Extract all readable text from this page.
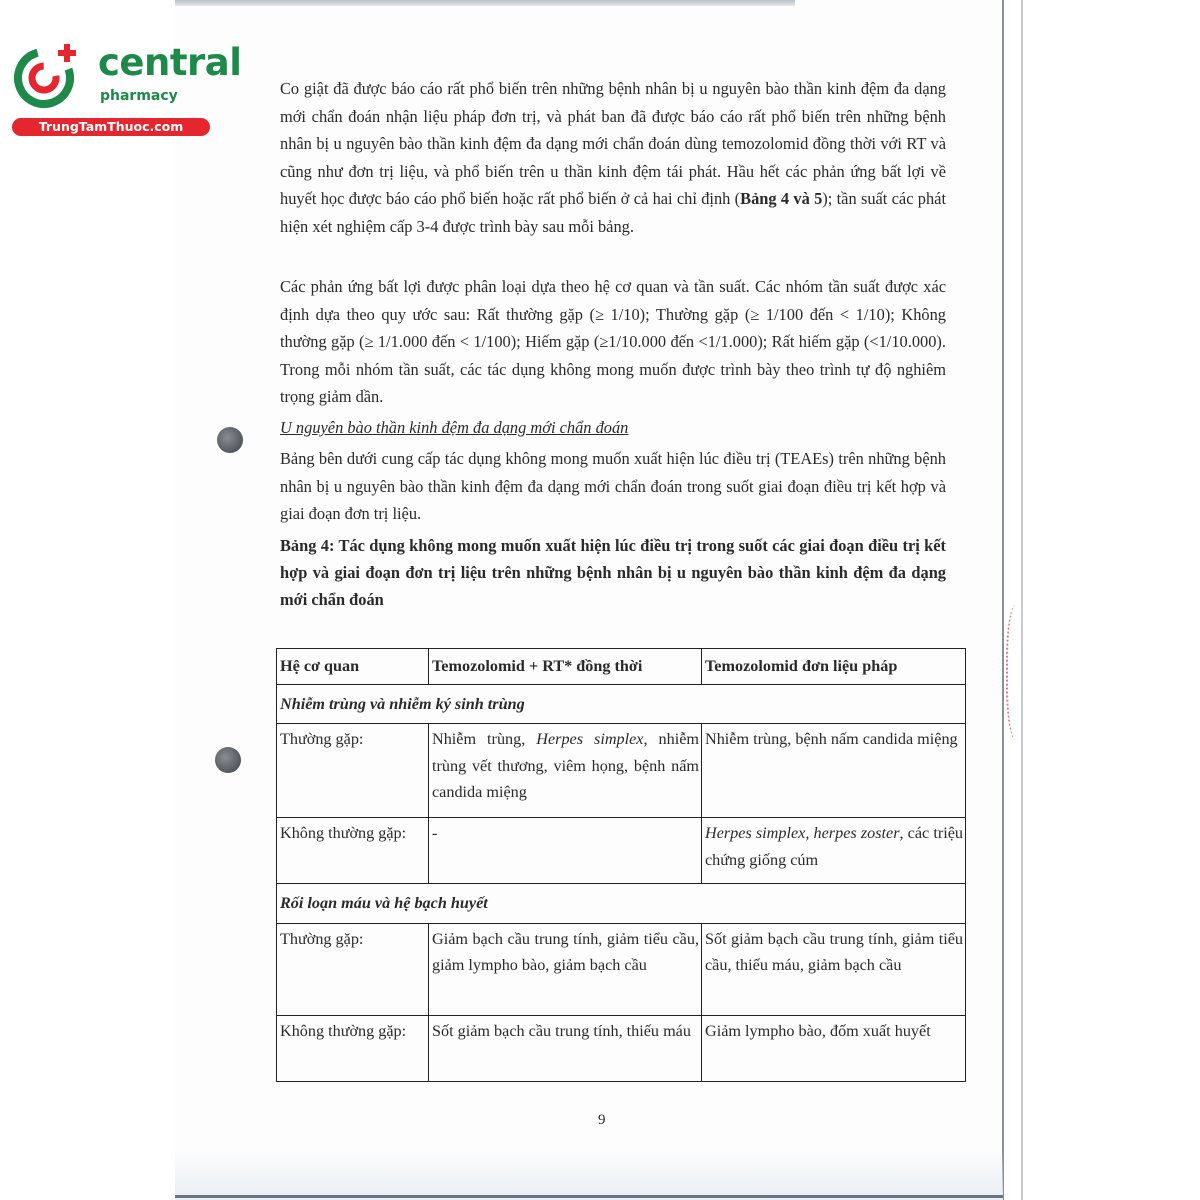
central
pharmacy
TrungTamThuoc.com

Co giật đã được báo cáo rất phổ biến trên những bệnh nhân bị u nguyên bào thần kinh đệm đa dạng mới chẩn đoán nhận liệu pháp đơn trị, và phát ban đã được báo cáo rất phổ biến trên những bệnh nhân bị u nguyên bào thần kinh đệm đa dạng mới chẩn đoán dùng temozolomid đồng thời với RT và cũng như đơn trị liệu, và phổ biến trên u thần kinh đệm tái phát. Hầu hết các phản ứng bất lợi về huyết học được báo cáo phổ biến hoặc rất phổ biến ở cả hai chỉ định (Bảng 4 và 5); tần suất các phát hiện xét nghiệm cấp 3-4 được trình bày sau mỗi bảng.

Các phản ứng bất lợi được phân loại dựa theo hệ cơ quan và tần suất. Các nhóm tần suất được xác định dựa theo quy ước sau: Rất thường gặp (≥ 1/10); Thường gặp (≥ 1/100 đến < 1/10); Không thường gặp (≥ 1/1.000 đến < 1/100); Hiếm gặp (≥1/10.000 đến <1/1.000); Rất hiếm gặp (<1/10.000). Trong mỗi nhóm tần suất, các tác dụng không mong muốn được trình bày theo trình tự độ nghiêm trọng giảm dần.

U nguyên bào thần kinh đệm đa dạng mới chẩn đoán

Bảng bên dưới cung cấp tác dụng không mong muốn xuất hiện lúc điều trị (TEAEs) trên những bệnh nhân bị u nguyên bào thần kinh đệm đa dạng mới chẩn đoán trong suốt giai đoạn điều trị kết hợp và giai đoạn đơn trị liệu.

Bảng 4: Tác dụng không mong muốn xuất hiện lúc điều trị trong suốt các giai đoạn điều trị kết hợp và giai đoạn đơn trị liệu trên những bệnh nhân bị u nguyên bào thần kinh đệm đa dạng mới chẩn đoán
Hệ cơ quan	Temozolomid + RT* đồng thời	Temozolomid đơn liệu pháp
Nhiễm trùng và nhiễm ký sinh trùng		
Thường gặp:	Nhiễm trùng, Herpes simplex, nhiễm trùng vết thương, viêm họng, bệnh nấm candida miệng	Nhiễm trùng, bệnh nấm candida miệng
Không thường gặp:	-	Herpes simplex, herpes zoster, các triệu chứng giống cúm
Rối loạn máu và hệ bạch huyết		
Thường gặp:	Giảm bạch cầu trung tính, giảm tiểu cầu, giảm lympho bào, giảm bạch cầu	Sốt giảm bạch cầu trung tính, giảm tiểu cầu, thiếu máu, giảm bạch cầu
Không thường gặp:	Sốt giảm bạch cầu trung tính, thiếu máu	Giảm lympho bào, đốm xuất huyết
9
